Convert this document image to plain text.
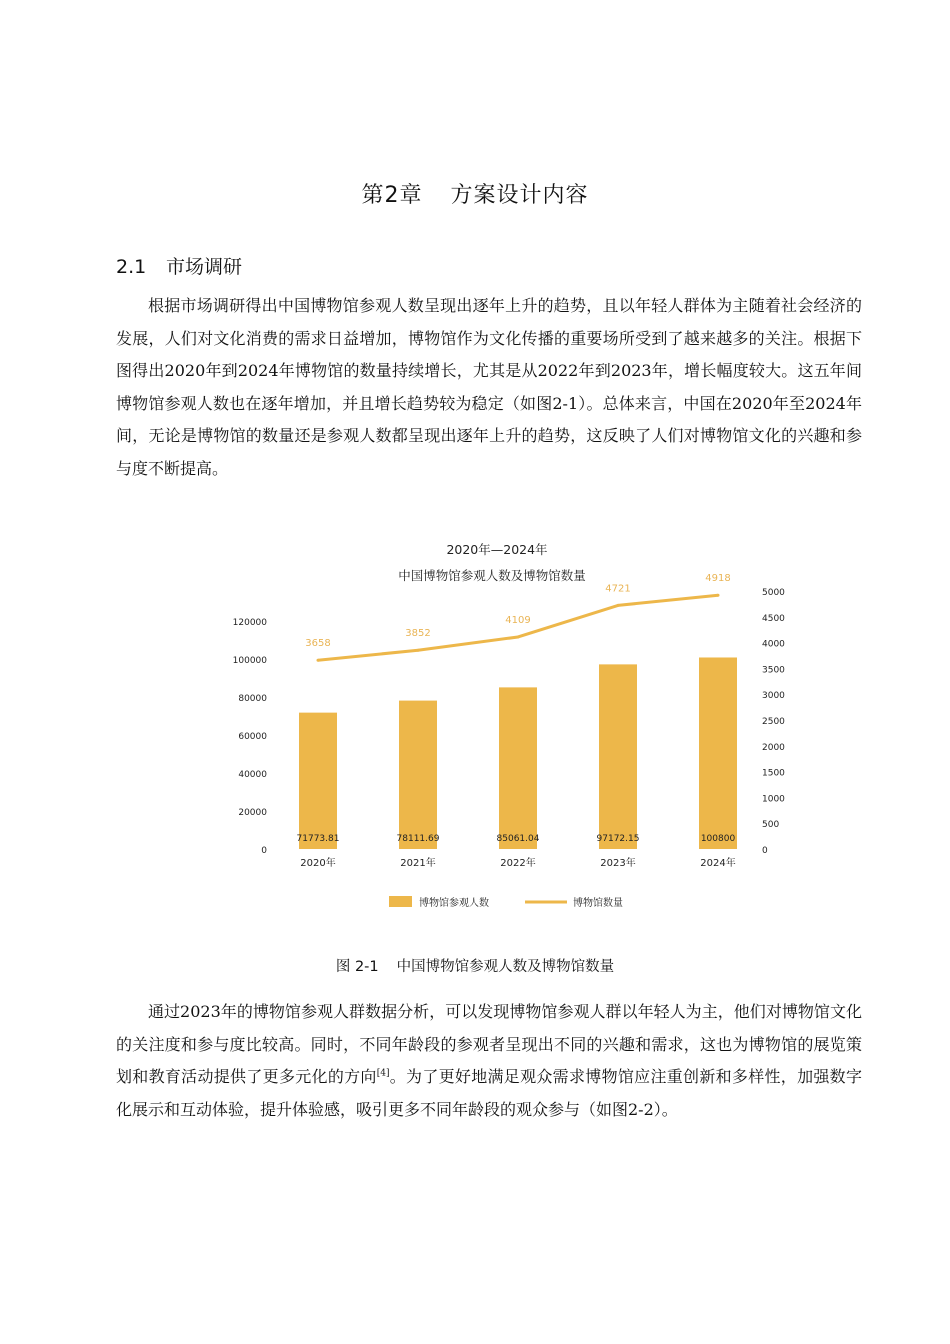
第2章 方案设计内容
2.1 市场调研

根据市场调研得出中国博物馆参观人数呈现出逐年上升的趋势，且以年轻人群体为主随着社会经济的发展，人们对文化消费的需求日益增加，博物馆作为文化传播的重要场所受到了越来越多的关注。根据下图得出2020年到2024年博物馆的数量持续增长，尤其是从2022年到2023年，增长幅度较大。这五年间博物馆参观人数也在逐年增加，并且增长趋势较为稳定（如图2-1）。总体来言，中国在2020年至2024年间，无论是博物馆的数量还是参观人数都呈现出逐年上升的趋势，这反映了人们对博物馆文化的兴趣和参与度不断提高。

2020年—2024年
中国博物馆参观人数及博物馆数量
0
20000
40000
60000
80000
100000
120000
0
500
1000
1500
2000
2500
3000
3500
4000
4500
5000
71773.81	78111.69	85061.04	97172.15	100800
2020年	2021年	2022年	2023年	2024年
3658
3852
4109
4721
4918
博物馆参观人数	博物馆数量
图 2-1 中国博物馆参观人数及博物馆数量

通过2023年的博物馆参观人群数据分析，可以发现博物馆参观人群以年轻人为主，他们对博物馆文化的关注度和参与度比较高。同时，不同年龄段的参观者呈现出不同的兴趣和需求，这也为博物馆的展览策划和教育活动提供了更多元化的方向[4]。为了更好地满足观众需求博物馆应注重创新和多样性，加强数字化展示和互动体验，提升体验感，吸引更多不同年龄段的观众参与（如图2-2）。
